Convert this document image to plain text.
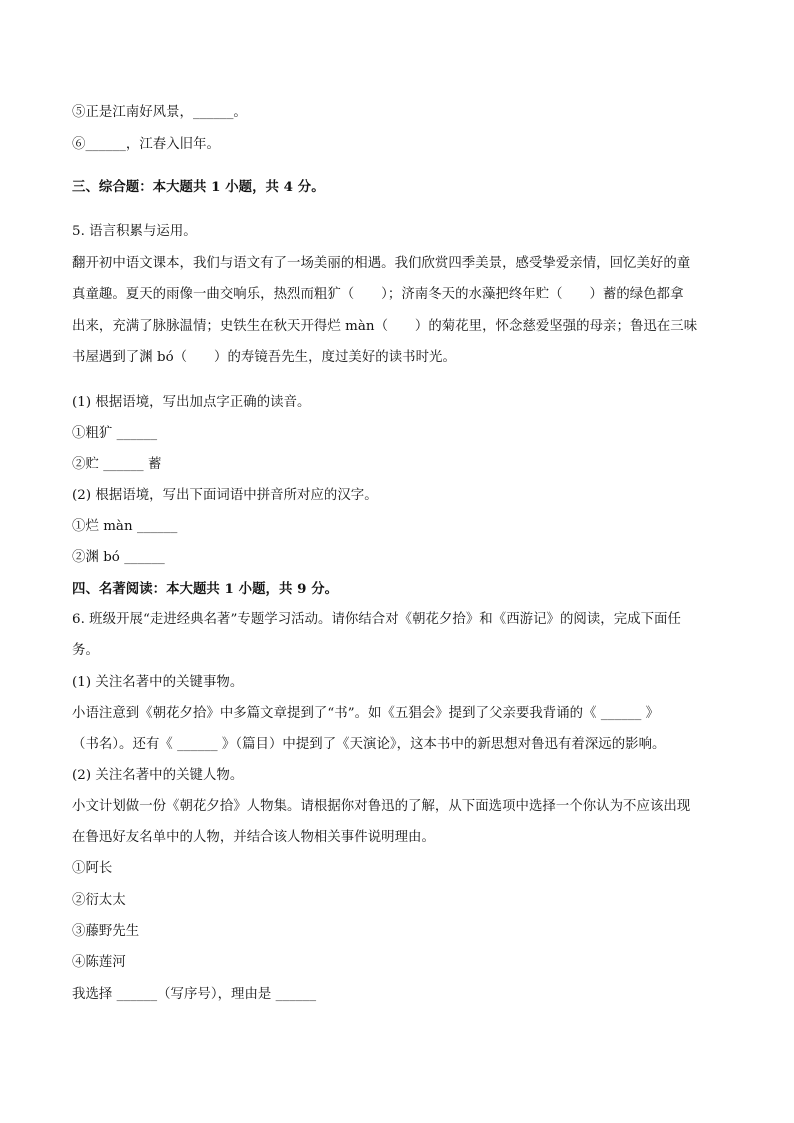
⑤正是江南好风景，______。
⑥______，江春入旧年。
三、综合题：本大题共 1 小题，共 4 分。
5. 语言积累与运用。
翻开初中语文课本，我们与语文有了一场美丽的相遇。我们欣赏四季美景，感受挚爱亲情，回忆美好的童
真童趣。夏天的雨像一曲交响乐，热烈而粗犷（　　）；济南冬天的水藻把终年贮（　　）蓄的绿色都拿
出来，充满了脉脉温情；史铁生在秋天开得烂 màn（　　）的菊花里，怀念慈爱坚强的母亲；鲁迅在三味
书屋遇到了渊 bó（　　）的寿镜吾先生，度过美好的读书时光。
(1) 根据语境，写出加点字正确的读音。
①粗犷 ______
②贮 ______ 蓄
(2) 根据语境，写出下面词语中拼音所对应的汉字。
①烂 màn ______
②渊 bó ______
四、名著阅读：本大题共 1 小题，共 9 分。
6. 班级开展“走进经典名著”专题学习活动。请你结合对《朝花夕拾》和《西游记》的阅读，完成下面任
务。
(1) 关注名著中的关键事物。
小语注意到《朝花夕拾》中多篇文章提到了“书”。如《五猖会》提到了父亲要我背诵的《 ______ 》
（书名）。还有《 ______ 》（篇目）中提到了《天演论》，这本书中的新思想对鲁迅有着深远的影响。
(2) 关注名著中的关键人物。
小文计划做一份《朝花夕拾》人物集。请根据你对鲁迅的了解，从下面选项中选择一个你认为不应该出现
在鲁迅好友名单中的人物，并结合该人物相关事件说明理由。
①阿长
②衍太太
③藤野先生
④陈莲河
我选择 ______（写序号），理由是 ______
